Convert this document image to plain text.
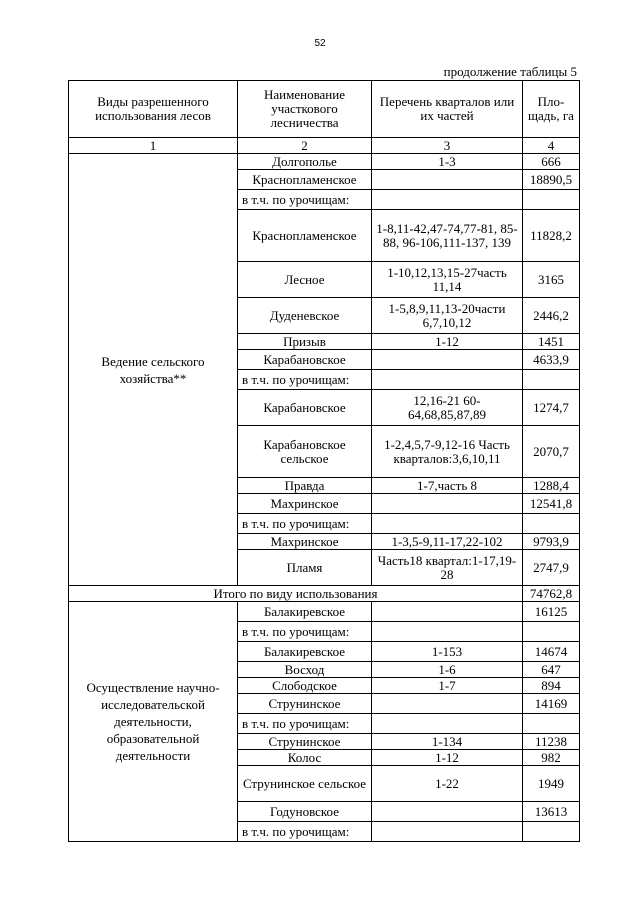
52
продолжение таблицы 5
Виды разрешенного использования лесов	Наименование участкового лесничества	Перечень кварталов или их частей	Пло-щадь, га
1	2	3	4
Ведение сельского хозяйства**	Долгополье	1-3	666
	Краснопламенское		18890,5
	в т.ч. по урочищам:		
	Краснопламенское	1-8,11-42,47-74,77-81, 85-88, 96-106,111-137, 139	11828,2
	Лесное	1-10,12,13,15-27часть 11,14	3165
	Дуденевское	1-5,8,9,11,13-20части 6,7,10,12	2446,2
	Призыв	1-12	1451
	Карабановское		4633,9
	в т.ч. по урочищам:		
	Карабановское	12,16-21 60-64,68,85,87,89	1274,7
	Карабановское сельское	1-2,4,5,7-9,12-16 Часть кварталов:3,6,10,11	2070,7
	Правда	1-7,часть 8	1288,4
	Махринское		12541,8
	в т.ч. по урочищам:		
	Махринское	1-3,5-9,11-17,22-102	9793,9
	Пламя	Часть18 квартал:1-17,19-28	2747,9
Итого по виду использования			74762,8
Осуществление научно-исследовательской деятельности, образовательной деятельности	Балакиревское		16125
	в т.ч. по урочищам:		
	Балакиревское	1-153	14674
	Восход	1-6	647
	Слободское	1-7	894
	Струнинское		14169
	в т.ч. по урочищам:		
	Струнинское	1-134	11238
	Колос	1-12	982
	Струнинское сельское	1-22	1949
	Годуновское		13613
	в т.ч. по урочищам:		
